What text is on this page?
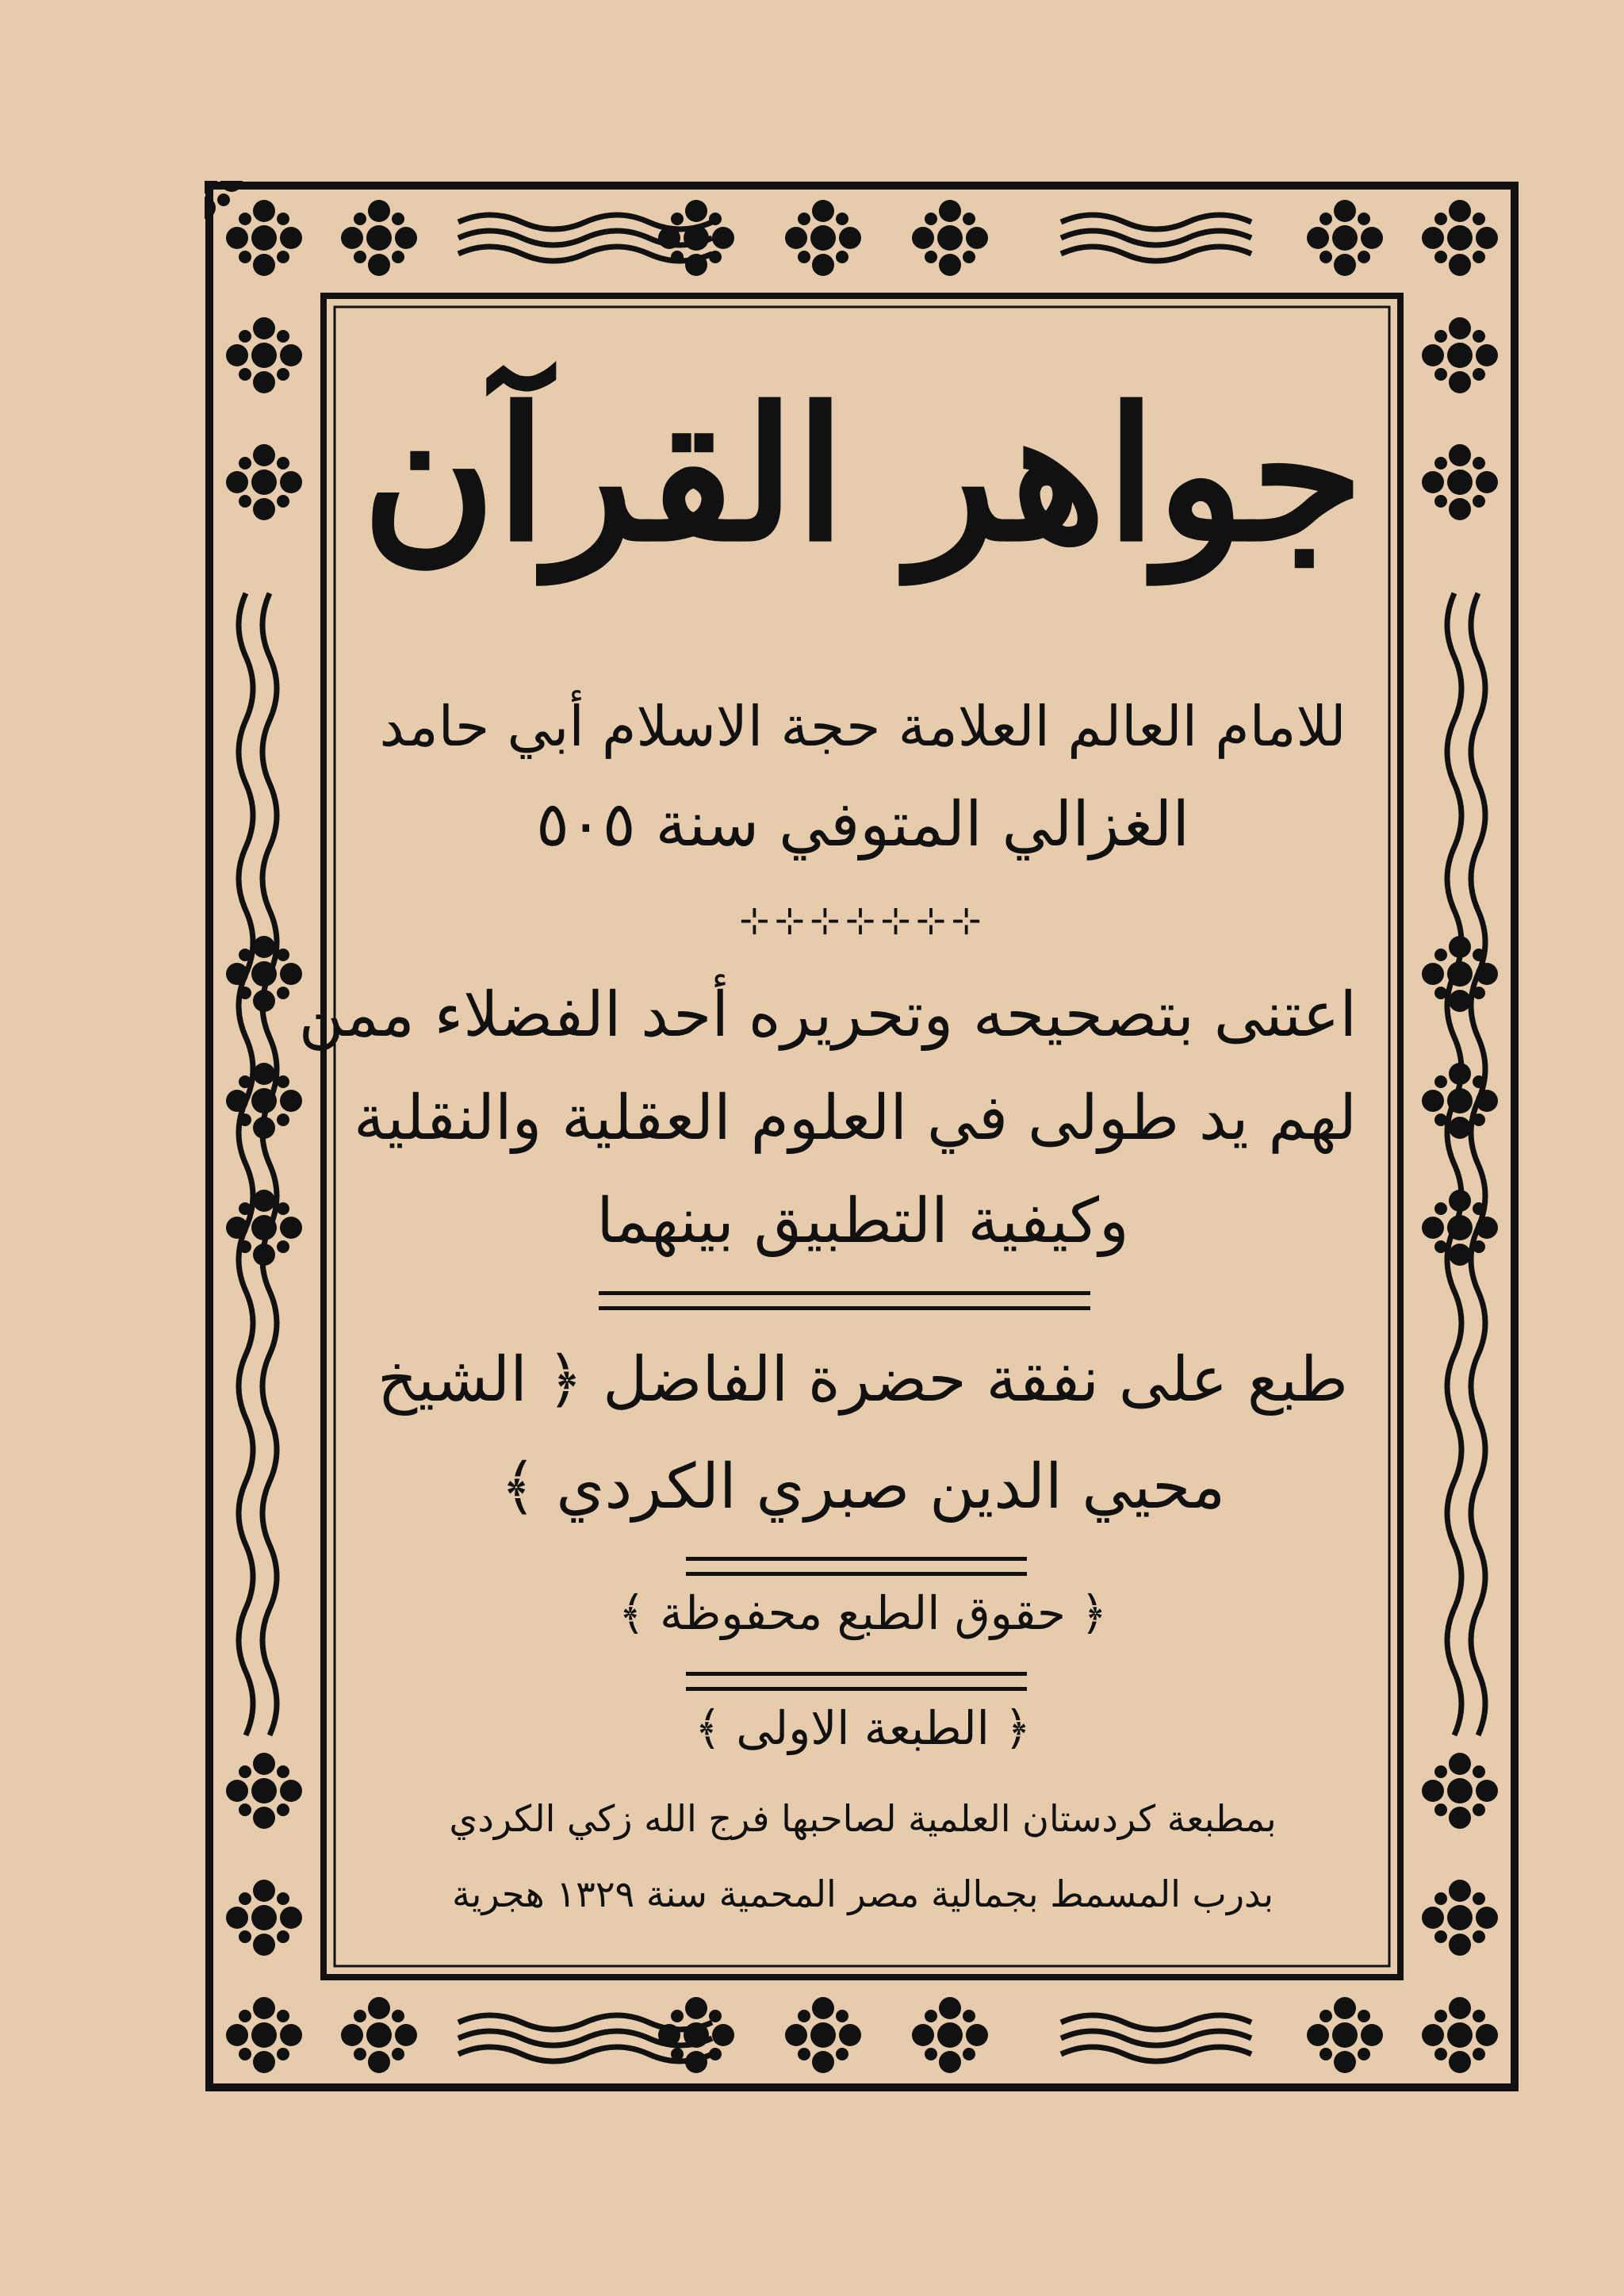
جواهر القرآن
للامام العالم العلامة حجة الاسلام أبي حامد
الغزالي المتوفي سنة ٥٠٥
⊹⊹⊹⊹⊹⊹⊹
اعتنى بتصحيحه وتحريره أحد الفضلاء ممن
لهم يد طولى في العلوم العقلية والنقلية
وكيفية التطبيق بينهما
طبع على نفقة حضرة الفاضل ﴿ الشيخ
محيي الدين صبري الكردي ﴾
﴿ حقوق الطبع محفوظة ﴾
﴿ الطبعة الاولى ﴾
بمطبعة كردستان العلمية لصاحبها فرج الله زكي الكردي
بدرب المسمط بجمالية مصر المحمية سنة ١٣٢٩ هجرية
